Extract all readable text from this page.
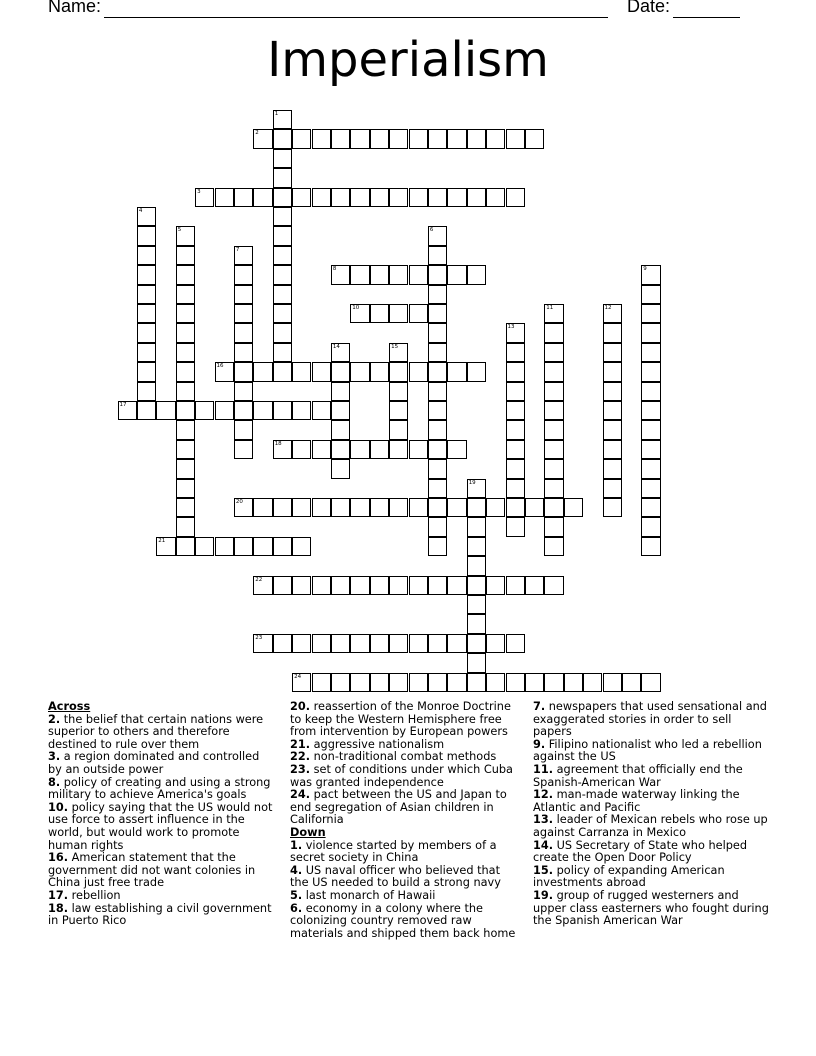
Name:	Date:
Imperialism
1
2
3
4
5	6
7
8	9
10	11	12
13
14	15
16
17
18
19
20
21
22
23
24
Across
2. the belief that certain nations were superior to others and therefore destined to rule over them
3. a region dominated and controlled by an outside power
8. policy of creating and using a strong military to achieve America's goals
10. policy saying that the US would not use force to assert influence in the world, but would work to promote human rights
16. American statement that the government did not want colonies in China just free trade
17. rebellion
18. law establishing a civil government in Puerto Rico
20. reassertion of the Monroe Doctrine to keep the Western Hemisphere free from intervention by European powers
21. aggressive nationalism
22. non-traditional combat methods
23. set of conditions under which Cuba was granted independence
24. pact between the US and Japan to end segregation of Asian children in California
Down
1. violence started by members of a secret society in China
4. US naval officer who believed that the US needed to build a strong navy
5. last monarch of Hawaii
6. economy in a colony where the colonizing country removed raw materials and shipped them back home
7. newspapers that used sensational and exaggerated stories in order to sell papers
9. Filipino nationalist who led a rebellion against the US
11. agreement that officially end the Spanish-American War
12. man-made waterway linking the Atlantic and Pacific
13. leader of Mexican rebels who rose up against Carranza in Mexico
14. US Secretary of State who helped create the Open Door Policy
15. policy of expanding American investments abroad
19. group of rugged westerners and upper class easterners who fought during the Spanish American War
